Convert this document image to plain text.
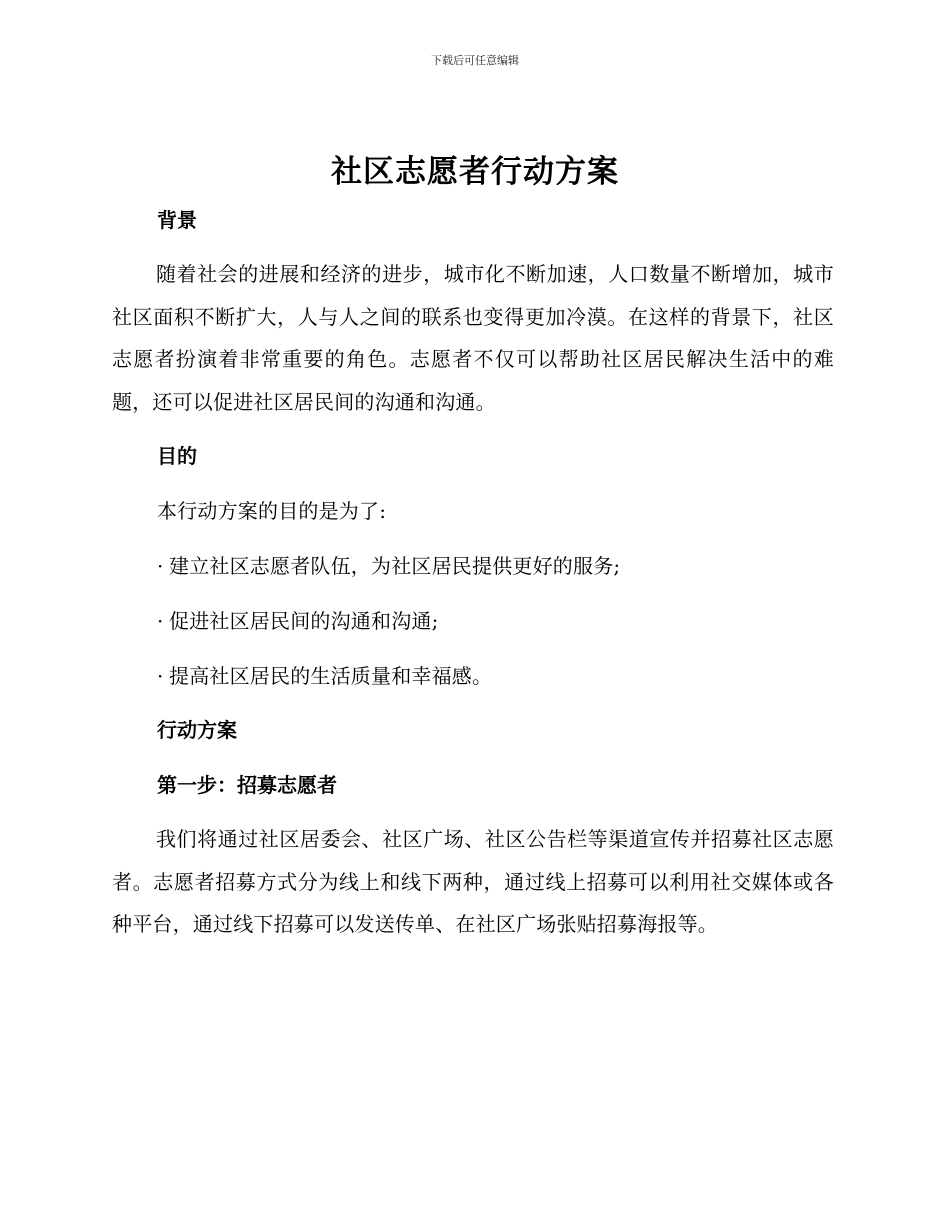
下载后可任意编辑
社区志愿者行动方案
背景

随着社会的进展和经济的进步，城市化不断加速，人口数量不断增加，城市社区面积不断扩大，人与人之间的联系也变得更加冷漠。在这样的背景下，社区志愿者扮演着非常重要的角色。志愿者不仅可以帮助社区居民解决生活中的难题，还可以促进社区居民间的沟通和沟通。

目的

本行动方案的目的是为了:

· 建立社区志愿者队伍，为社区居民提供更好的服务;

· 促进社区居民间的沟通和沟通;

· 提高社区居民的生活质量和幸福感。

行动方案
第一步：招募志愿者

我们将通过社区居委会、社区广场、社区公告栏等渠道宣传并招募社区志愿者。志愿者招募方式分为线上和线下两种，通过线上招募可以利用社交媒体或各种平台，通过线下招募可以发送传单、在社区广场张贴招募海报等。
